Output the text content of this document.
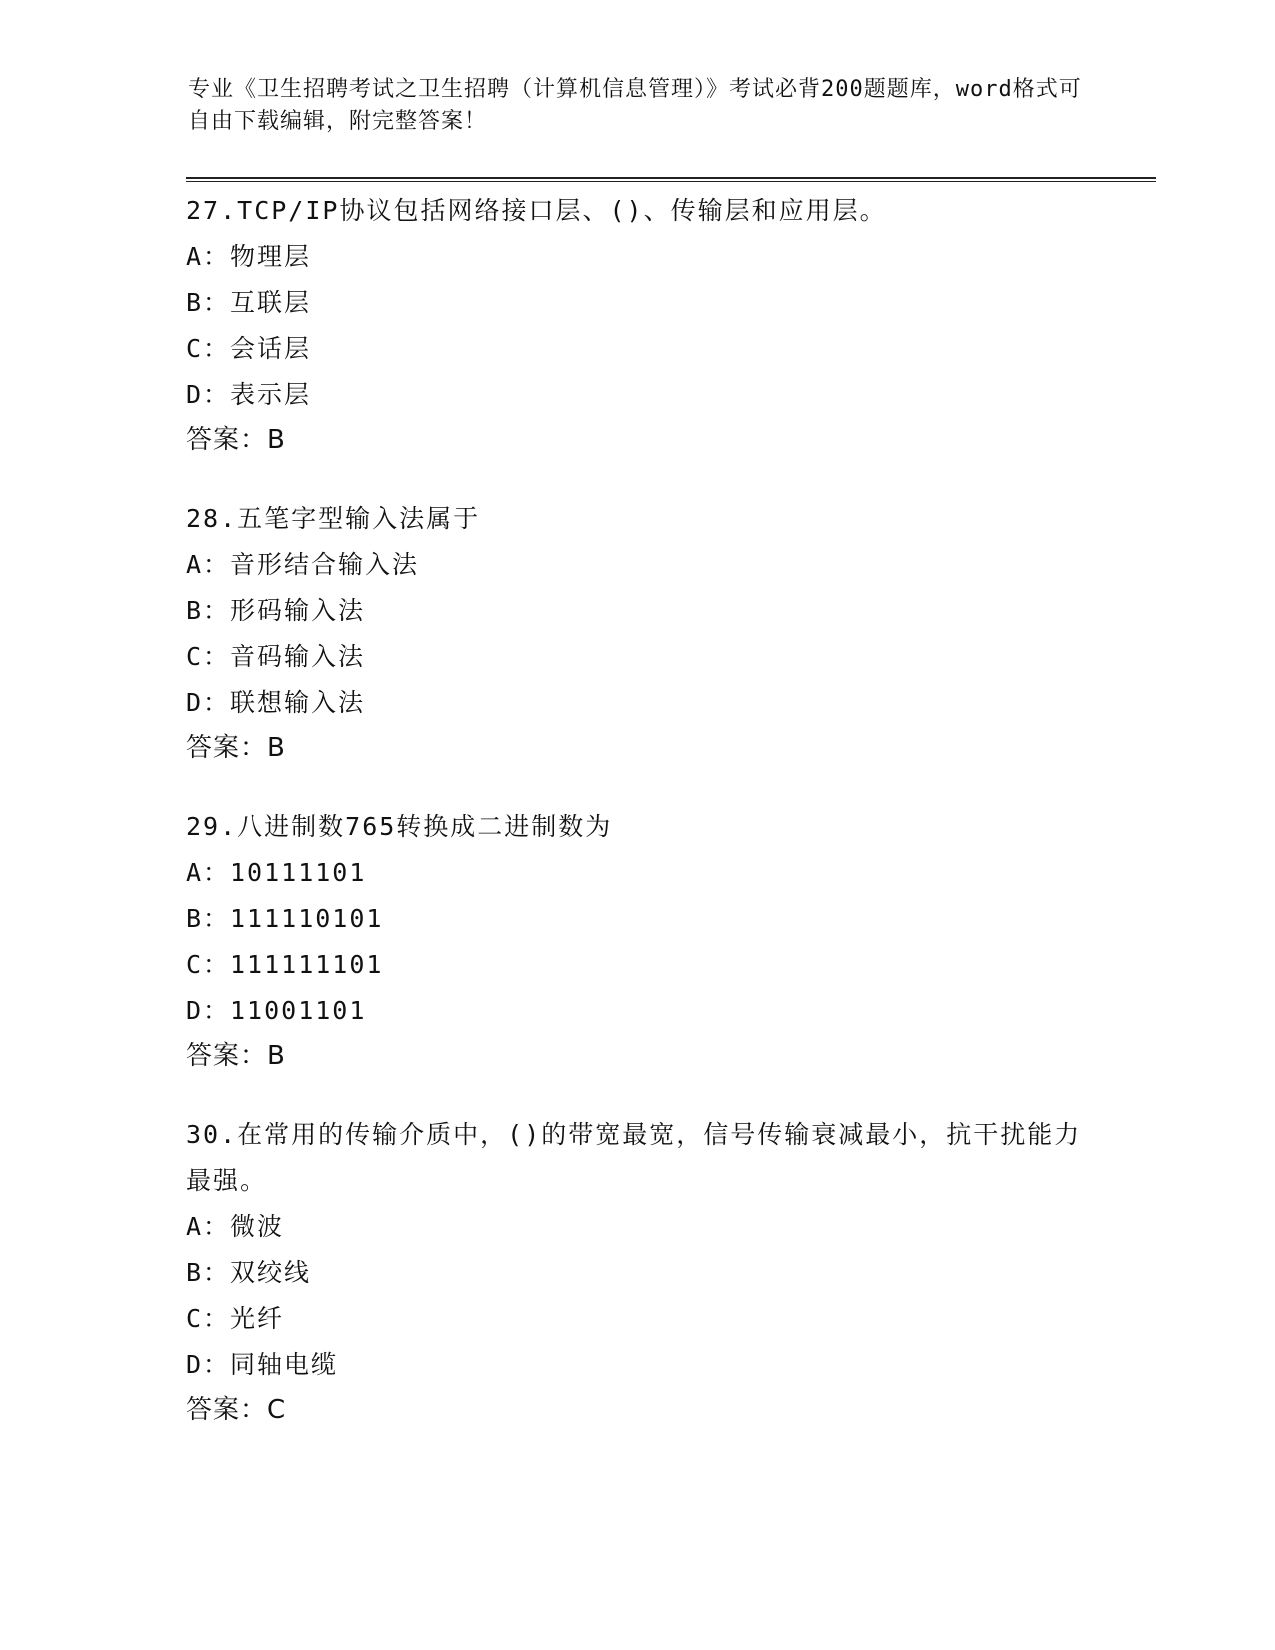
专业《卫生招聘考试之卫生招聘（计算机信息管理）》考试必背200题题库，word格式可自由下载编辑，附完整答案！

27.TCP/IP协议包括网络接口层、()、传输层和应用层。

A：物理层

B：互联层

C：会话层

D：表示层

答案：B

28.五笔字型输入法属于

A：音形结合输入法

B：形码输入法

C：音码输入法

D：联想输入法

答案：B

29.八进制数765转换成二进制数为

A：10111101

B：111110101

C：111111101

D：11001101

答案：B

30.在常用的传输介质中，()的带宽最宽，信号传输衰减最小，抗干扰能力最强。

A：微波

B：双绞线

C：光纤

D：同轴电缆

答案：C
